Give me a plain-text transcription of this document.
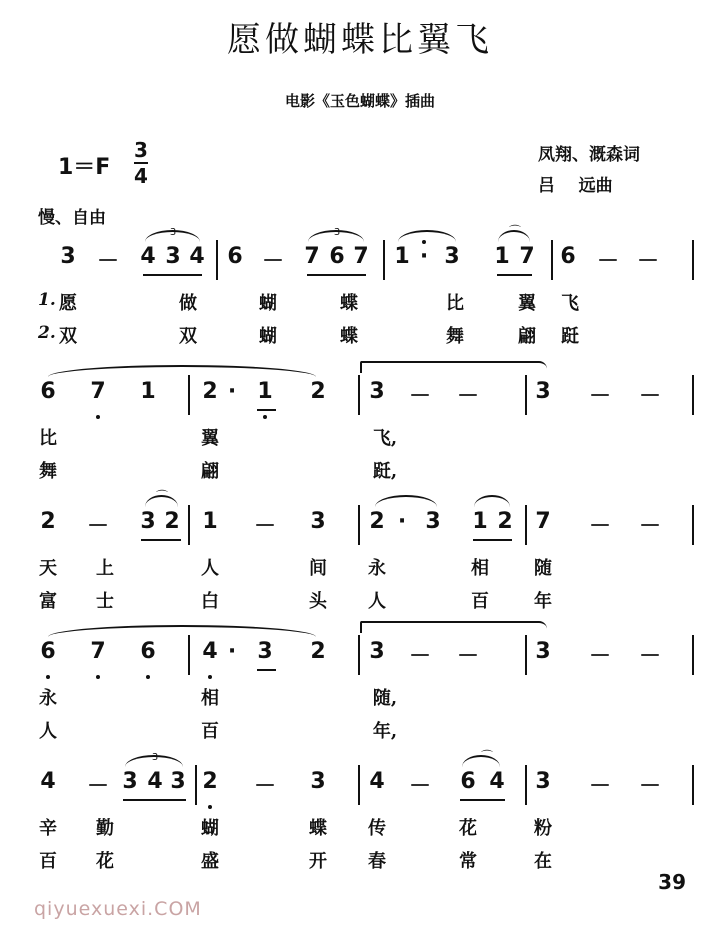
愿做蝴蝶比翼飞
电影《玉色蝴蝶》插曲
1＝F
3
4
凤翔、溉森词
吕    远曲
慢、自由
3 － 4 3 4 6 － 7 6 7 1 · 3 1 7 6 － －
3	3	⌒
1. 愿	做	蝴	蝶	比	翼 飞
2. 双	双	蝴	蝶	舞	翩 跹
6 7 1 2 · 1 2 3 － －	3 － －
比	翼	飞,
舞	翩	跹,
2 － 3 2 1 － 3 2 · 3 1 2 7 － －
⌒
天 上	人	间 永	相	随
富 士	白	头 人	百	年
6 7 6 4 · 3 2 3 － －	3 － －
永	相	随,
人	百	年,
4 － 3 4 3 2 － 3 4 － 6 4 3 － －
3	⌒
辛 勤	蝴	蝶 传	花	粉
百 花	盛	开 春	常	在
39
qiyuexuexi.COM
